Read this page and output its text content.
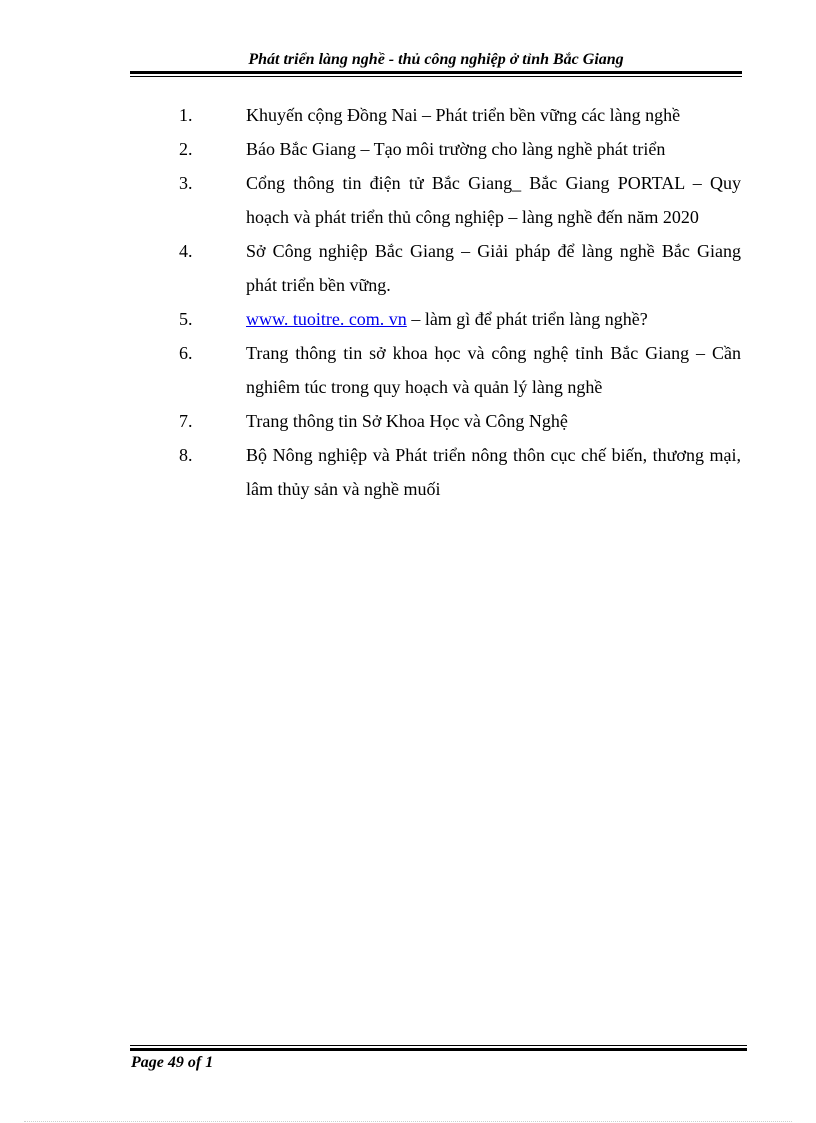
Phát triển làng nghề - thủ công nghiệp ở tỉnh Bắc Giang
1.	Khuyến cộng Đồng Nai – Phát triển bền vững các làng nghề
2.	Báo Bắc Giang – Tạo môi trường cho làng nghề phát triển
3.	Cổng thông tin điện tử Bắc Giang_ Bắc Giang PORTAL – Quy hoạch và phát triển thủ công nghiệp – làng nghề đến năm 2020
4.	Sở Công nghiệp Bắc Giang – Giải pháp để làng nghề Bắc Giang phát triển bền vững.
5.	www. tuoitre. com. vn – làm gì để phát triển làng nghề?
6.	Trang thông tin sở khoa học và công nghệ tỉnh Bắc Giang – Cần nghiêm túc trong quy hoạch và quản lý làng nghề
7.	Trang thông tin Sở Khoa Học và Công Nghệ
8.	Bộ Nông nghiệp và Phát triển nông thôn cục chế biến, thương mại, lâm thủy sản và nghề muối
Page 49 of 1
